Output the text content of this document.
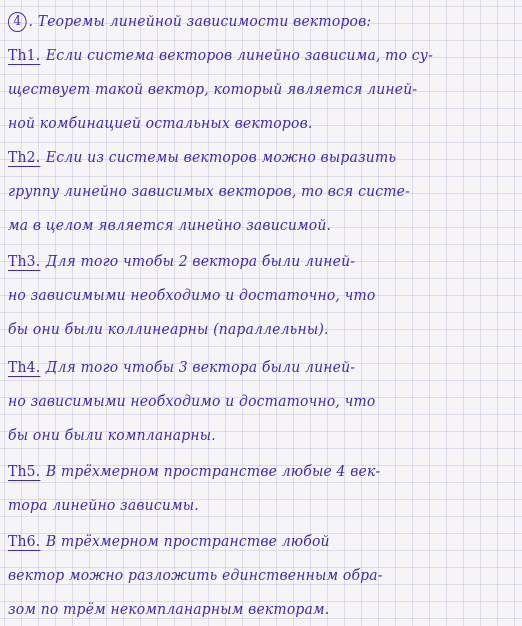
4 . Теоремы линейной зависимости векторов:
Th1. Если система векторов линейно зависима, то су-
ществует такой вектор, который является линей-
ной комбинацией остальных векторов.
Th2. Если из системы векторов можно выразить
группу линейно зависимых векторов, то вся систе-
ма в целом является линейно зависимой.
Th3. Для того чтобы 2 вектора были линей-
но зависимыми необходимо и достаточно, что
бы они были коллинеарны (параллельны).
Th4. Для того чтобы 3 вектора были линей-
но зависимыми необходимо и достаточно, что
бы они были компланарны.
Th5. В трёхмерном пространстве любые 4 век-
тора линейно зависимы.
Th6. В трёхмерном пространстве любой
вектор можно разложить единственным обра-
зом по трём некомпланарным векторам.
